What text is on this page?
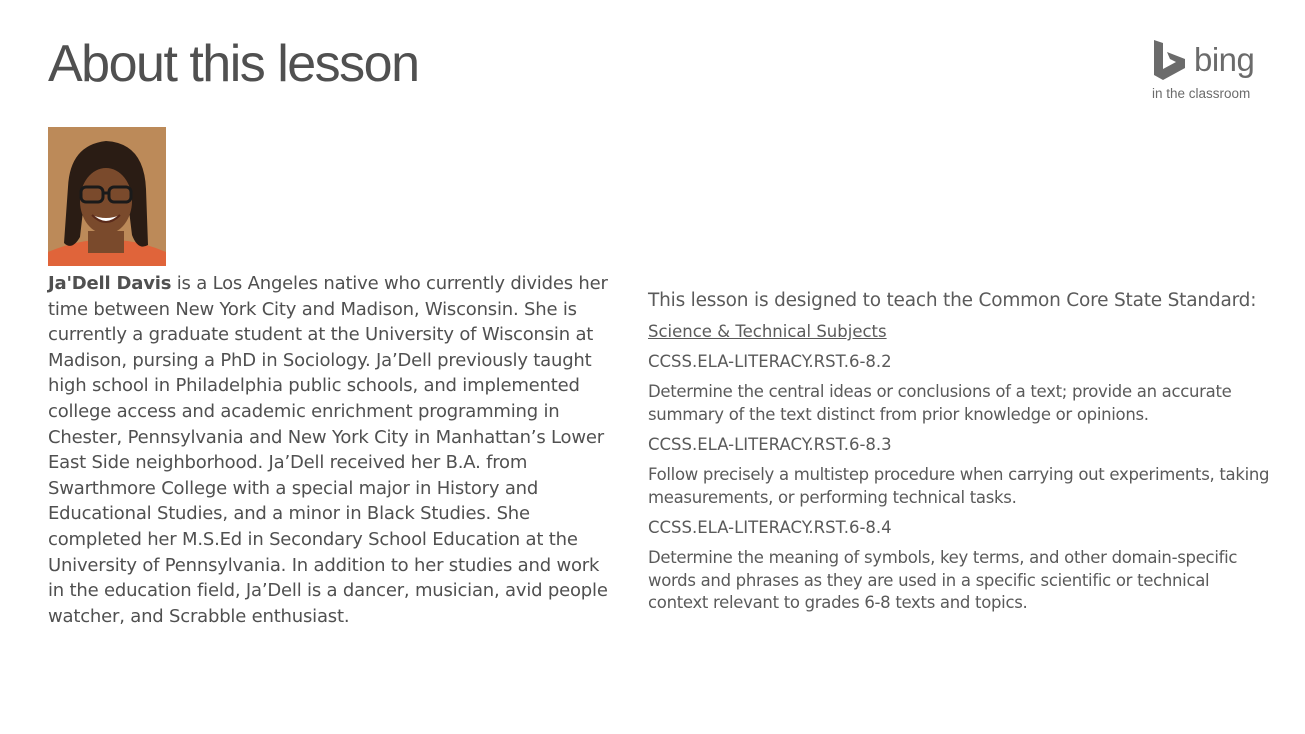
About this lesson	bing
in the classroom

Ja'Dell Davis is a Los Angeles native who currently divides her time between New York City and Madison, Wisconsin. She is currently a graduate student at the University of Wisconsin at Madison, pursing a PhD in Sociology. Ja’Dell previously taught high school in Philadelphia public schools, and implemented college access and academic enrichment programming in Chester, Pennsylvania and New York City in Manhattan’s Lower East Side neighborhood. Ja’Dell received her B.A. from Swarthmore College with a special major in History and Educational Studies, and a minor in Black Studies. She completed her M.S.Ed in Secondary School Education at the University of Pennsylvania. In addition to her studies and work in the education field, Ja’Dell is a dancer, musician, avid people watcher, and Scrabble enthusiast.

This lesson is designed to teach the Common Core State Standard:

Science & Technical Subjects

CCSS.ELA-LITERACY.RST.6-8.2

Determine the central ideas or conclusions of a text; provide an accurate summary of the text distinct from prior knowledge or opinions.

CCSS.ELA-LITERACY.RST.6-8.3

Follow precisely a multistep procedure when carrying out experiments, taking measurements, or performing technical tasks.

CCSS.ELA-LITERACY.RST.6-8.4

Determine the meaning of symbols, key terms, and other domain-specific words and phrases as they are used in a specific scientific or technical context relevant to grades 6-8 texts and topics.
